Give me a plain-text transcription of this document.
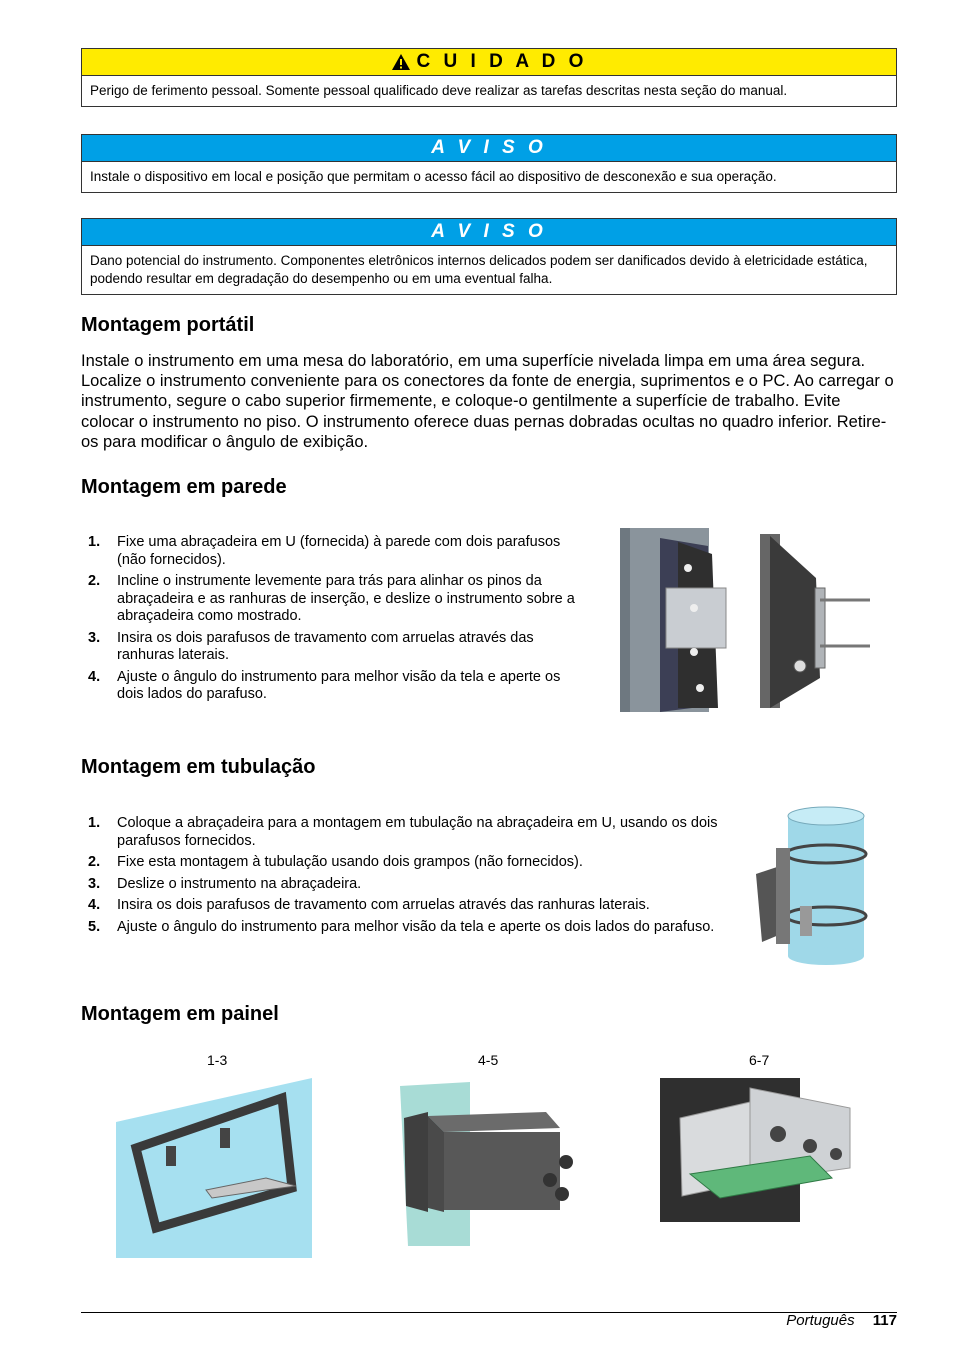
C U I D A D O
Perigo de ferimento pessoal. Somente pessoal qualificado deve realizar as tarefas descritas nesta seção do manual.
A V I S O
Instale o dispositivo em local e posição que permitam o acesso fácil ao dispositivo de desconexão e sua operação.
A V I S O
Dano potencial do instrumento. Componentes eletrônicos internos delicados podem ser danificados devido à eletricidade estática, podendo resultar em degradação do desempenho ou em uma eventual falha.
Montagem portátil

Instale o instrumento em uma mesa do laboratório, em uma superfície nivelada limpa em uma área segura. Localize o instrumento conveniente para os conectores da fonte de energia, suprimentos e o PC. Ao carregar o instrumento, segure o cabo superior firmemente, e coloque-o gentilmente a superfície de trabalho. Evite colocar o instrumento no piso. O instrumento oferece duas pernas dobradas ocultas no quadro inferior. Retire-os para modificar o ângulo de exibição.

Montagem em parede
1. Fixe uma abraçadeira em U (fornecida) à parede com dois parafusos (não fornecidos).
2. Incline o instrumente levemente para trás para alinhar os pinos da abraçadeira e as ranhuras de inserção, e deslize o instrumento sobre a abraçadeira como mostrado.
3. Insira os dois parafusos de travamento com arruelas através das ranhuras laterais.
4. Ajuste o ângulo do instrumento para melhor visão da tela e aperte os dois lados do parafuso.
Montagem em tubulação
1. Coloque a abraçadeira para a montagem em tubulação na abraçadeira em U, usando os dois parafusos fornecidos.
2. Fixe esta montagem à tubulação usando dois grampos (não fornecidos).
3. Deslize o instrumento na abraçadeira.
4. Insira os dois parafusos de travamento com arruelas através das ranhuras laterais.
5. Ajuste o ângulo do instrumento para melhor visão da tela e aperte os dois lados do parafuso.
Montagem em painel
1-3	4-5	6-7
Português 117
